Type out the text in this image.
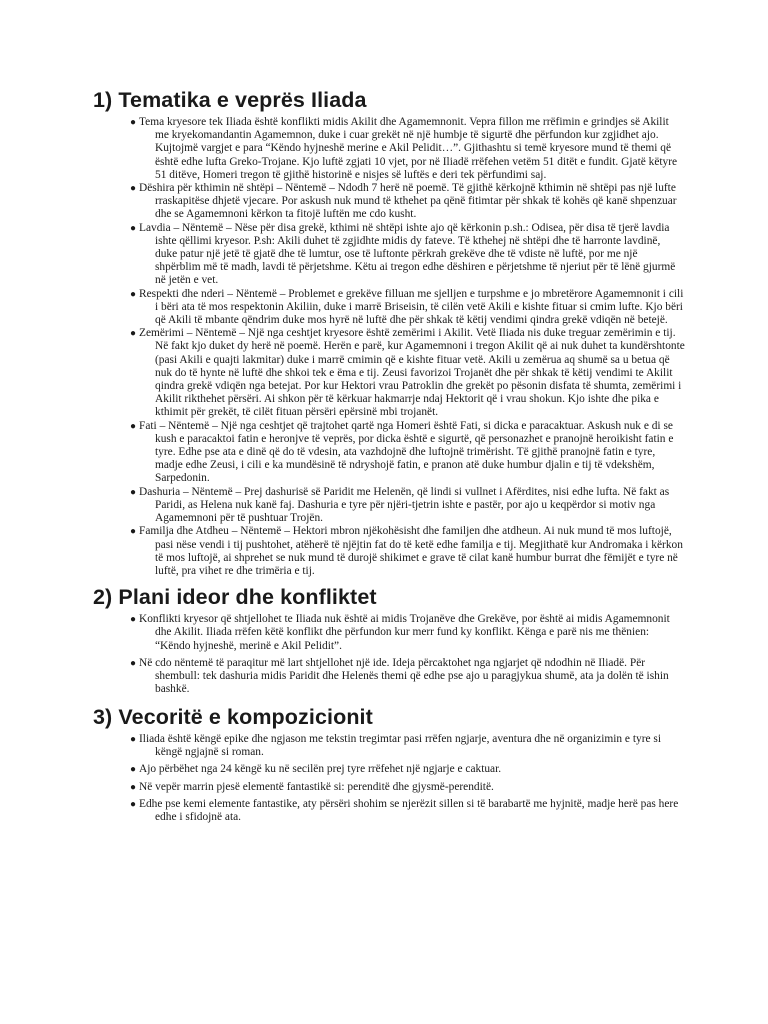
1) Tematika e veprës Iliada
● Tema kryesore tek Iliada është konflikti midis Akilit dhe Agamemnonit. Vepra fillon me rrëfimin e grindjes së Akilit me kryekomandantin Agamemnon, duke i cuar grekët në një humbje të sigurtë dhe përfundon kur zgjidhet ajo. Kujtojmë vargjet e para “Këndo hyjneshë merine e Akil Pelidit…”. Gjithashtu si temë kryesore mund të themi që është edhe lufta Greko-Trojane. Kjo luftë zgjati 10 vjet, por në Iliadë rrëfehen vetëm 51 ditët e fundit. Gjatë këtyre 51 ditëve, Homeri tregon të gjithë historinë e nisjes së luftës e deri tek përfundimi saj.
● Dëshira për kthimin në shtëpi – Nëntemë – Ndodh 7 herë në poemë. Të gjithë kërkojnë kthimin në shtëpi pas një lufte rraskapitëse dhjetë vjecare. Por askush nuk mund të kthehet pa qënë fitimtar për shkak të kohës që kanë shpenzuar dhe se Agamemnoni kërkon ta fitojë luftën me cdo kusht.
● Lavdia – Nëntemë – Nëse për disa grekë, kthimi në shtëpi ishte ajo që kërkonin p.sh.: Odisea, për disa të tjerë lavdia ishte qëllimi kryesor. P.sh: Akili duhet të zgjidhte midis dy fateve. Të kthehej në shtëpi dhe të harronte lavdinë, duke patur një jetë të gjatë dhe të lumtur, ose të luftonte përkrah grekëve dhe të vdiste në luftë, por me një shpërblim më të madh, lavdi të përjetshme. Këtu ai tregon edhe dëshiren e përjetshme të njeriut për të lënë gjurmë në jetën e vet.
● Respekti dhe nderi – Nëntemë – Problemet e grekëve filluan me sjelljen e turpshme e jo mbretërore Agamemnonit i cili i bëri ata të mos respektonin Akiliin, duke i marrë Briseisin, të cilën vetë Akili e kishte fituar si cmim lufte. Kjo bëri që Akili të mbante qëndrim duke mos hyrë në luftë dhe për shkak të këtij vendimi qindra grekë vdiqën në betejë.
● Zemërimi – Nëntemë – Një nga ceshtjet kryesore është zemërimi i Akilit. Vetë Iliada nis duke treguar zemërimin e tij. Në fakt kjo duket dy herë në poemë. Herën e parë, kur Agamemnoni i tregon Akilit që ai nuk duhet ta kundërshtonte (pasi Akili e quajti lakmitar) duke i marrë cmimin që e kishte fituar vetë. Akili u zemërua aq shumë sa u betua që nuk do të hynte në luftë dhe shkoi tek e ëma e tij. Zeusi favorizoi Trojanët dhe për shkak të këtij vendimi te Akilit qindra grekë vdiqën nga betejat. Por kur Hektori vrau Patroklin dhe grekët po pësonin disfata të shumta, zemërimi i Akilit rikthehet përsëri. Ai shkon për të kërkuar hakmarrje ndaj Hektorit që i vrau shokun. Kjo ishte dhe pika e kthimit për grekët, të cilët fituan përsëri epërsinë mbi trojanët.
● Fati – Nëntemë – Një nga ceshtjet që trajtohet qartë nga Homeri është Fati, si dicka e paracaktuar. Askush nuk e di se kush e paracaktoi fatin e heronjve të veprës, por dicka është e sigurtë, që personazhet e pranojnë heroikisht fatin e tyre. Edhe pse ata e dinë që do të vdesin, ata vazhdojnë dhe luftojnë trimërisht. Të gjithë pranojnë fatin e tyre, madje edhe Zeusi, i cili e ka mundësinë të ndryshojë fatin, e pranon atë duke humbur djalin e tij të vdekshëm, Sarpedonin.
● Dashuria – Nëntemë – Prej dashurisë së Paridit me Helenën, që lindi si vullnet i Afërdites, nisi edhe lufta. Në fakt as Paridi, as Helena nuk kanë faj. Dashuria e tyre për njëri-tjetrin ishte e pastër, por ajo u keqpërdor si motiv nga Agamemnoni për të pushtuar Trojën.
● Familja dhe Atdheu – Nëntemë – Hektori mbron njëkohësisht dhe familjen dhe atdheun. Ai nuk mund të mos luftojë, pasi nëse vendi i tij pushtohet, atëherë të njëjtin fat do të ketë edhe familja e tij. Megjithatë kur Andromaka i kërkon të mos luftojë, ai shprehet se nuk mund të durojë shikimet e grave të cilat kanë humbur burrat dhe fëmijët e tyre në luftë, pra vihet re dhe trimëria e tij.
2) Plani ideor dhe konfliktet
● Konflikti kryesor që shtjellohet te Iliada nuk është ai midis Trojanëve dhe Grekëve, por është ai midis Agamemnonit dhe Akilit. Iliada rrëfen këtë konflikt dhe përfundon kur merr fund ky konflikt. Kënga e parë nis me thënien: “Këndo hyjneshë, merinë e Akil Pelidit”.
● Në cdo nëntemë të paraqitur më lart shtjellohet një ide. Ideja përcaktohet nga ngjarjet që ndodhin në Iliadë. Për shembull: tek dashuria midis Paridit dhe Helenës themi që edhe pse ajo u paragjykua shumë, ata ja dolën të ishin bashkë.
3) Vecoritë e kompozicionit
● Iliada është këngë epike dhe ngjason me tekstin tregimtar pasi rrëfen ngjarje, aventura dhe në organizimin e tyre si këngë ngjajnë si roman.
● Ajo përbëhet nga 24 këngë ku në secilën prej tyre rrëfehet një ngjarje e caktuar.
● Në vepër marrin pjesë elementë fantastikë si: perenditë dhe gjysmë-perenditë.
● Edhe pse kemi elemente fantastike, aty përsëri shohim se njerëzit sillen si të barabartë me hyjnitë, madje herë pas here edhe i sfidojnë ata.
